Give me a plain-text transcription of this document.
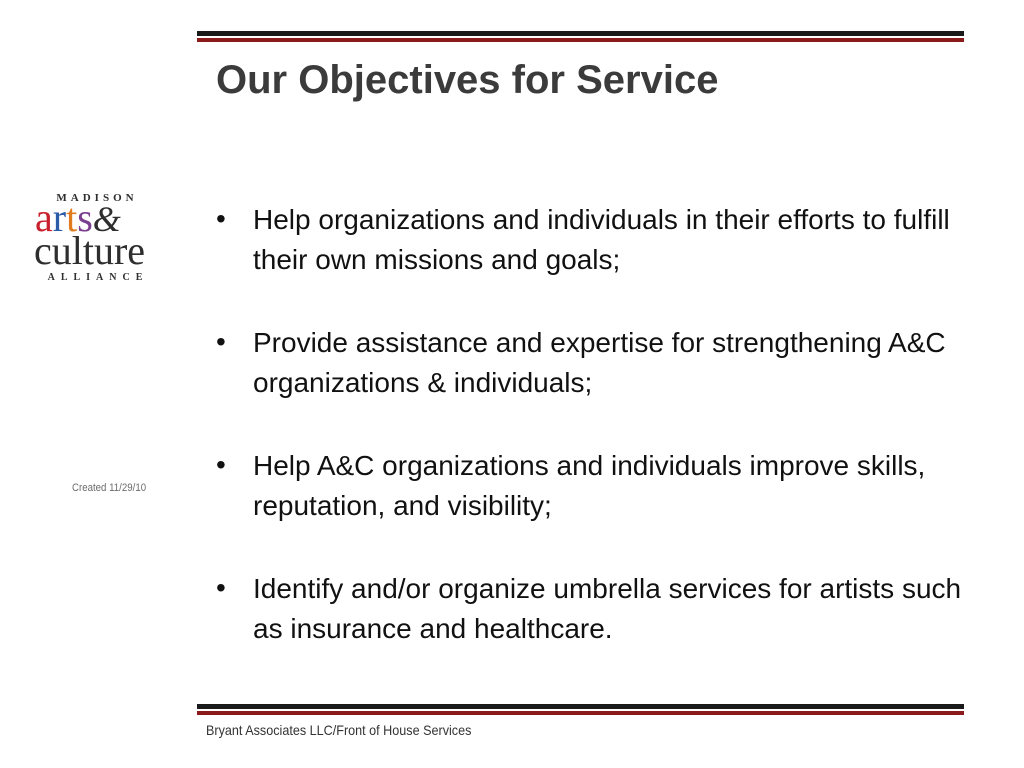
Our Objectives for Service
MADISON
arts&
culture
ALLIANCE
Created 11/29/10
• Help organizations and individuals in their efforts to fulfill their own missions and goals;
• Provide assistance and expertise for strengthening A&C organizations & individuals;
• Help A&C organizations and individuals improve skills, reputation, and visibility;
• Identify and/or organize umbrella services for artists such as insurance and healthcare.
Bryant Associates LLC/Front of House Services
